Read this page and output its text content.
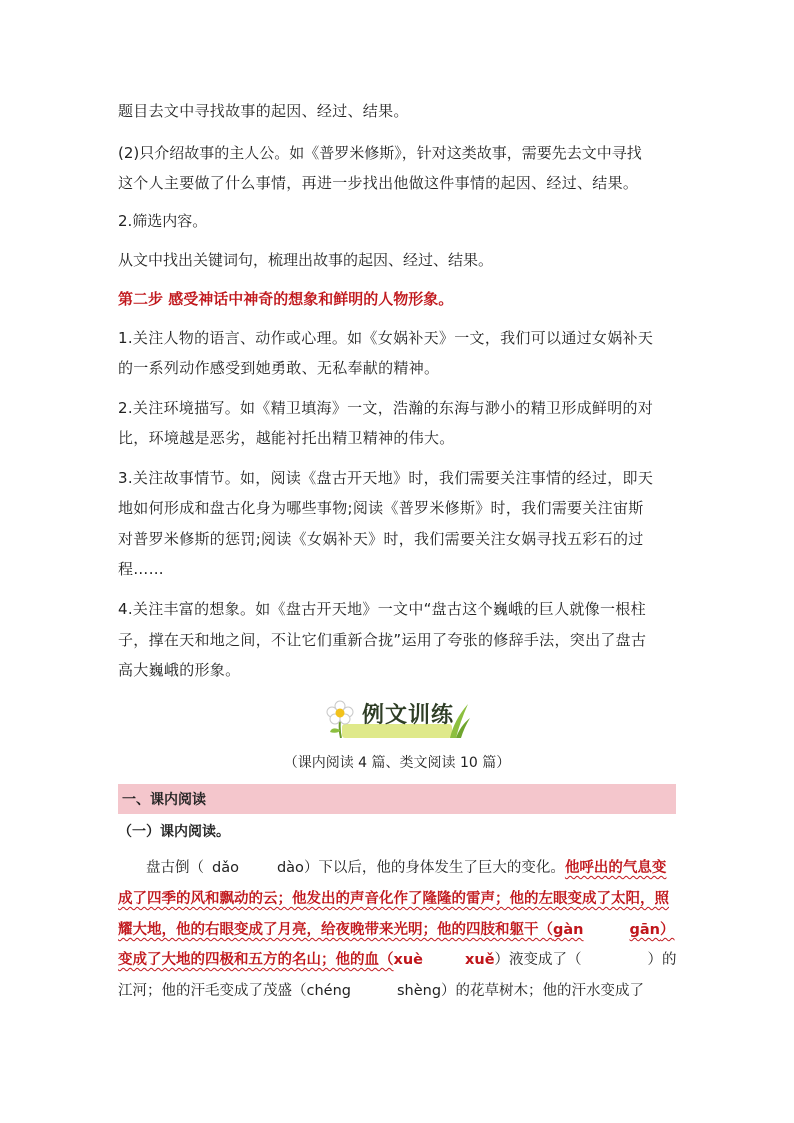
题目去文中寻找故事的起因、经过、结果。
(2)只介绍故事的主人公。如《普罗米修斯》，针对这类故事，需要先去文中寻找
这个人主要做了什么事情，再进一步找出他做这件事情的起因、经过、结果。
2.筛选内容。
从文中找出关键词句，梳理出故事的起因、经过、结果。
第二步 感受神话中神奇的想象和鲜明的人物形象。
1.关注人物的语言、动作或心理。如《女娲补天》一文，我们可以通过女娲补天
的一系列动作感受到她勇敢、无私奉献的精神。
2.关注环境描写。如《精卫填海》一文，浩瀚的东海与渺小的精卫形成鲜明的对
比，环境越是恶劣，越能衬托出精卫精神的伟大。
3.关注故事情节。如，阅读《盘古开天地》时，我们需要关注事情的经过，即天
地如何形成和盘古化身为哪些事物;阅读《普罗米修斯》时，我们需要关注宙斯
对普罗米修斯的惩罚;阅读《女娲补天》时，我们需要关注女娲寻找五彩石的过
程……
4.关注丰富的想象。如《盘古开天地》一文中“盘古这个巍峨的巨人就像一根柱
子，撑在天和地之间，不让它们重新合拢”运用了夸张的修辞手法，突出了盘古
高大巍峨的形象。
例文训练
（课内阅读 4 篇、类文阅读 10 篇）
一、课内阅读
（一）课内阅读。
盘古倒（ dǎo	dào）下以后，他的身体发生了巨大的变化。他呼出的气息变
成了四季的风和飘动的云；他发出的声音化作了隆隆的雷声；他的左眼变成了太阳，照
耀大地，他的右眼变成了月亮，给夜晚带来光明；他的四肢和躯干（gàn	gān）
变成了大地的四极和五方的名山；他的血（xuè	xuě）液变成了（	）的
江河；他的汗毛变成了茂盛（chéng	shèng）的花草树木；他的汗水变成了
